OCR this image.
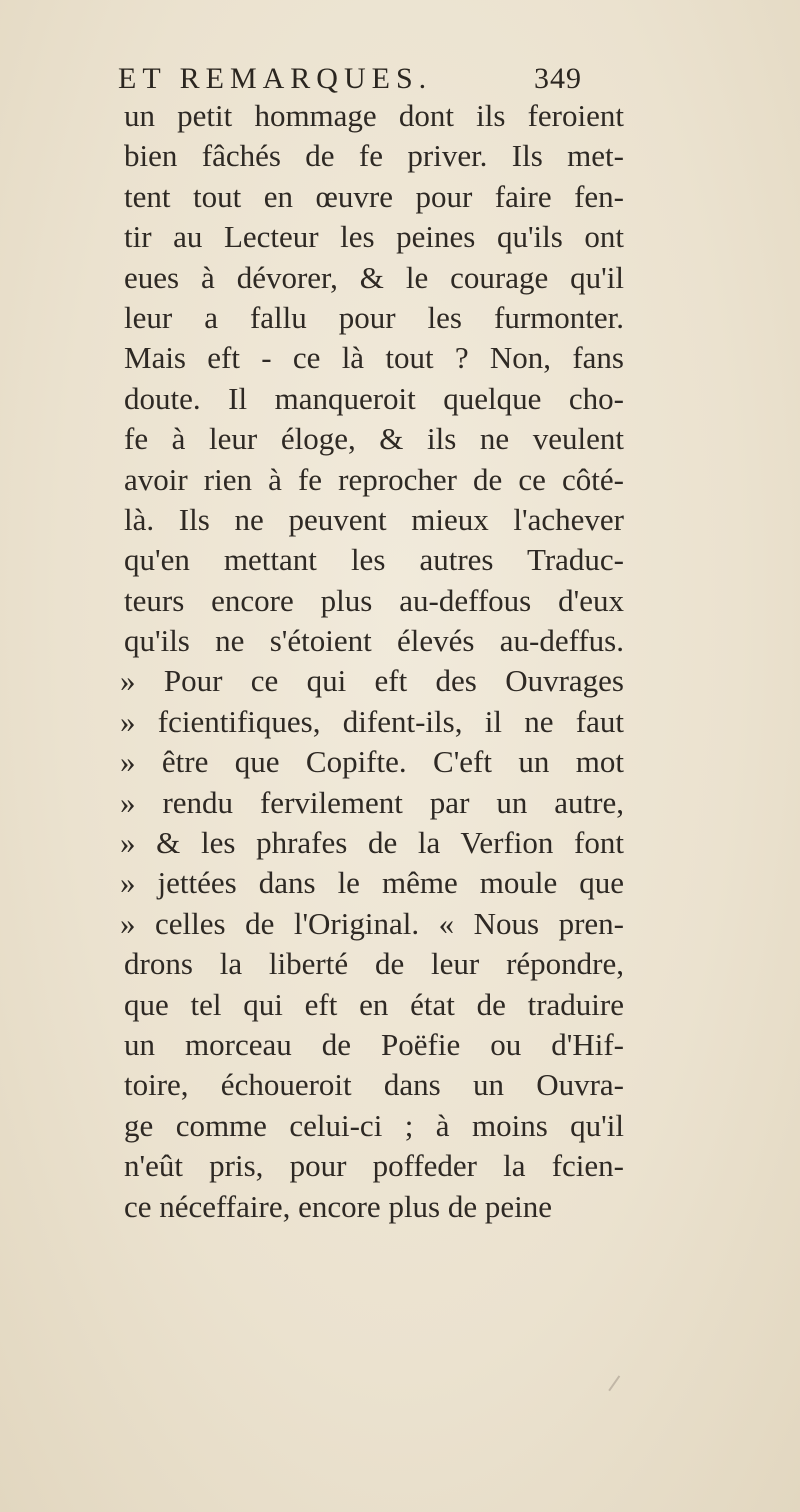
ET REMARQUES.	349
un petit hommage dont ils feroient
bien fâchés de fe priver. Ils met-
tent tout en œuvre pour faire fen-
tir au Lecteur les peines qu'ils ont
eues à dévorer, & le courage qu'il
leur a fallu pour les furmonter.
Mais eft - ce là tout ? Non, fans
doute. Il manqueroit quelque cho-
fe à leur éloge, & ils ne veulent
avoir rien à fe reprocher de ce côté-
là. Ils ne peuvent mieux l'achever
qu'en mettant les autres Traduc-
teurs encore plus au-deffous d'eux
qu'ils ne s'étoient élevés au-deffus.
» Pour ce qui eft des Ouvrages
» fcientifiques, difent-ils, il ne faut
» être que Copifte. C'eft un mot
» rendu fervilement par un autre,
» & les phrafes de la Verfion font
» jettées dans le même moule que
» celles de l'Original. « Nous pren-
drons la liberté de leur répondre,
que tel qui eft en état de traduire
un morceau de Poëfie ou d'Hif-
toire, échoueroit dans un Ouvra-
ge comme celui-ci ; à moins qu'il
n'eût pris, pour poffeder la fcien-
ce néceffaire, encore plus de peine
